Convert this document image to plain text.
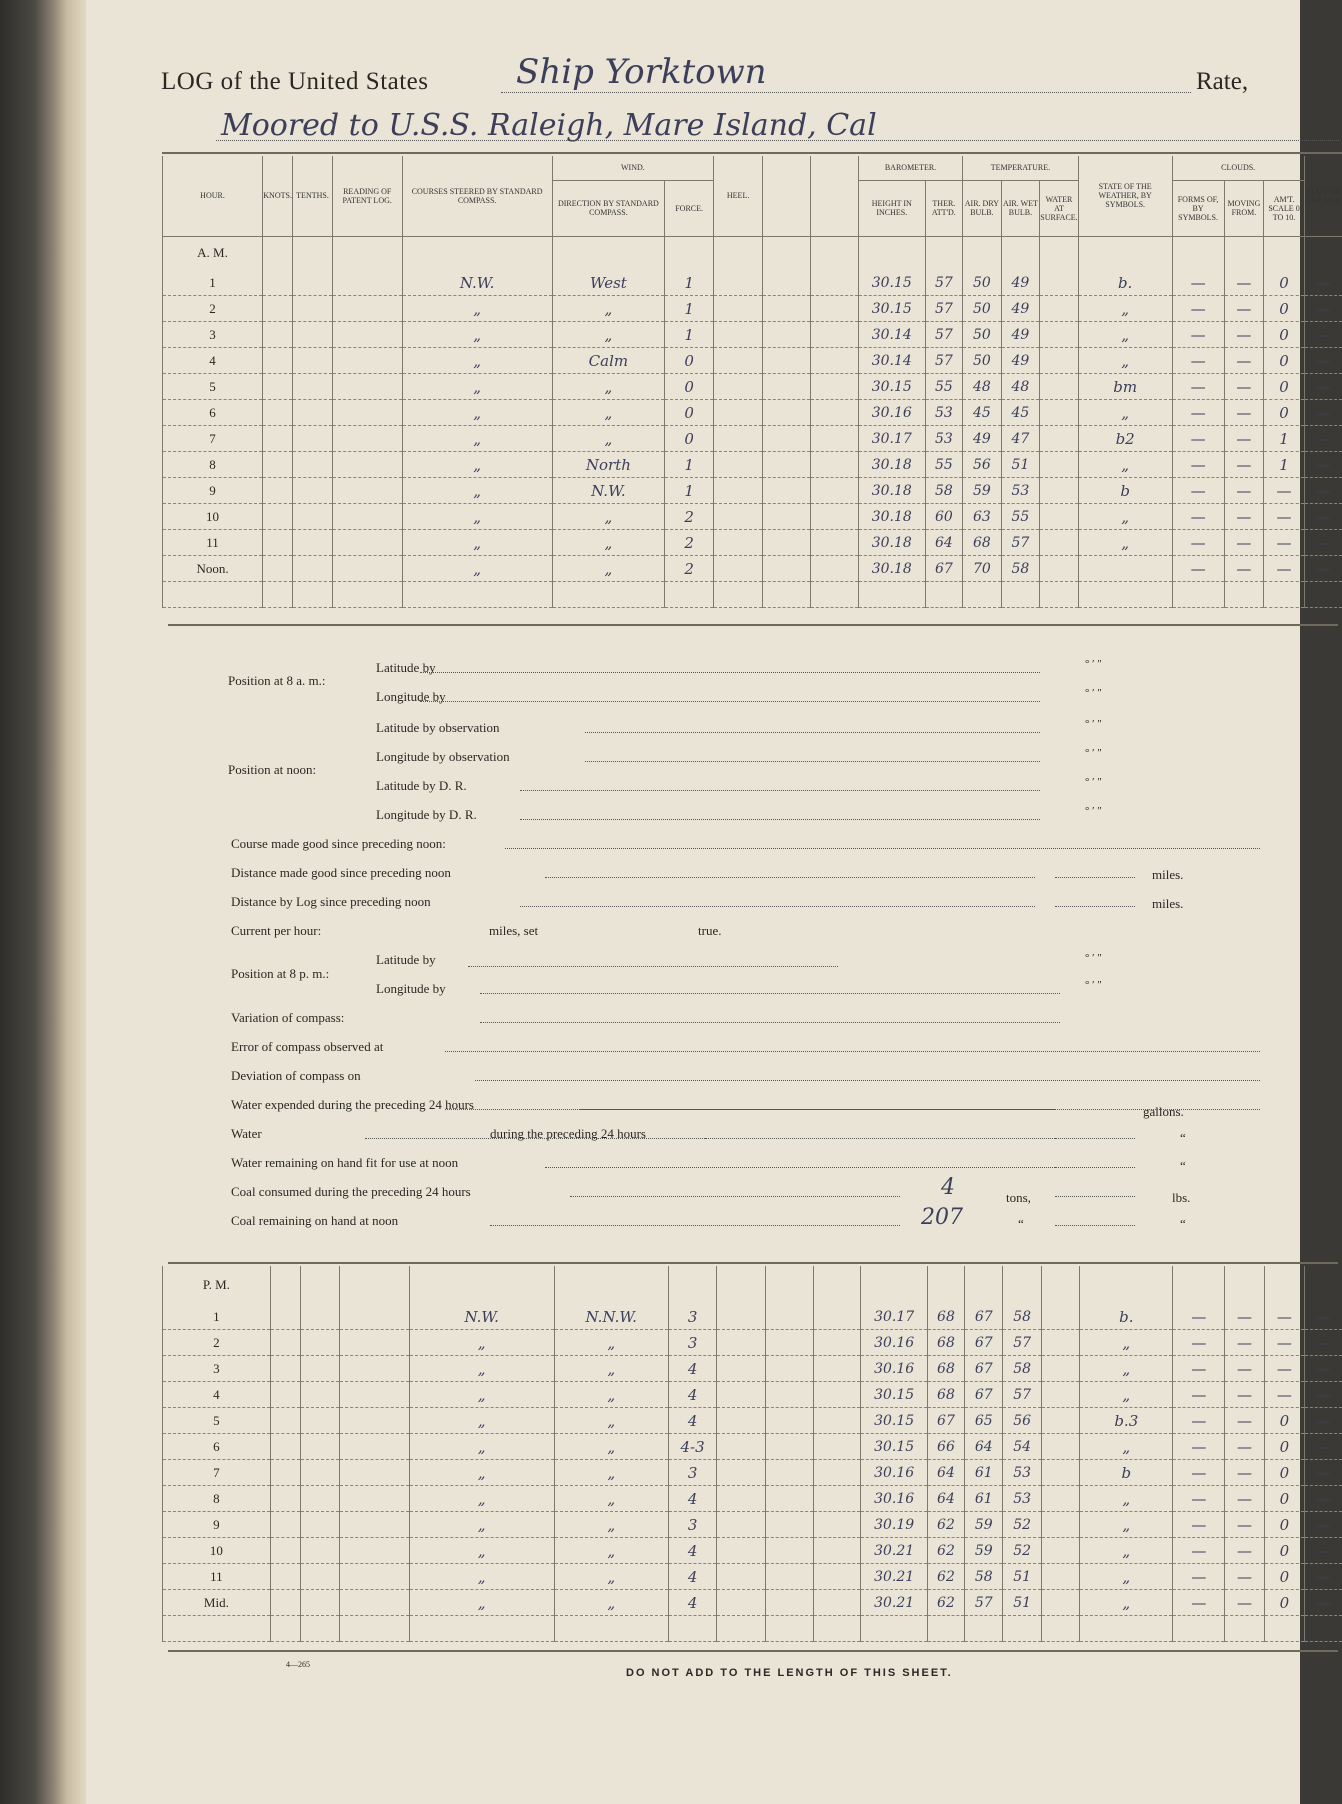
LOG of the United States	Ship Yorktown	Rate,
Moored to U.S.S. Raleigh, Mare Island, Cal
HOUR.	KNOTS.	TENTHS.	READING OF PATENT LOG.	COURSES STEERED BY STANDARD COMPASS.	WIND.		HEEL.			BAROMETER.		TEMPERATURE.			STATE OF THE WEATHER, BY SYMBOLS.	CLOUDS.			STATE OF THE SEA.
					DIRECTION BY STANDARD COMPASS.	FORCE.				HEIGHT IN INCHES.	THER. ATT'D.	AIR. DRY BULB.	AIR. WET BULB.	WATER AT SURFACE.		FORMS OF, BY SYMBOLS.	MOVING FROM.	AM'T. SCALE 0 TO 10.	
A. M.																			
1				N.W.	West	1				30.15	57	50	49		b.	—	—	0	—
2				„	„	1				30.15	57	50	49		„	—	—	0	—
3				„	„	1				30.14	57	50	49		„	—	—	0	—
4				„	Calm	0				30.14	57	50	49		„	—	—	0	—
5				„	„	0				30.15	55	48	48		bm	—	—	0	—
6				„	„	0				30.16	53	45	45		„	—	—	0	—
7				„	„	0				30.17	53	49	47		b2	—	—	1	—
8				„	North	1				30.18	55	56	51		„	—	—	1	—
9				„	N.W.	1				30.18	58	59	53		b	—	—	—	—
10				„	„	2				30.18	60	63	55		„	—	—	—	—
11				„	„	2				30.18	64	68	57		„	—	—	—	—
Noon.				„	„	2				30.18	67	70	58			—	—	—	—

Position at 8 a. m.:
Latitude by
Longitude by
Position at noon:
Latitude by observation
Longitude by observation
Latitude by D. R.
Longitude by D. R.
Course made good since preceding noon:
Distance made good since preceding noon	miles.
Distance by Log since preceding noon	miles.
Current per hour:	miles, set	true.
Position at 8 p. m.:
Latitude by
Longitude by
Variation of compass:
Error of compass observed at
Deviation of compass on
Water expended during the preceding 24 hours	gallons.
Water	during the preceding 24 hours	“
Water remaining on hand fit for use at noon	“
Coal consumed during the preceding 24 hours	4	tons,	lbs.
Coal remaining on hand at noon	207	“	“
° ′ ″
° ′ ″
° ′ ″
° ′ ″
° ′ ″
° ′ ″
° ′ ″
° ′ ″
P. M.																			
1				N.W.	N.N.W.	3				30.17	68	67	58		b.	—	—	—	—
2				„	„	3				30.16	68	67	57		„	—	—	—	—
3				„	„	4				30.16	68	67	58		„	—	—	—	—
4				„	„	4				30.15	68	67	57		„	—	—	—	—
5				„	„	4				30.15	67	65	56		b.3	—	—	0	—
6				„	„	4-3				30.15	66	64	54		„	—	—	0	—
7				„	„	3				30.16	64	61	53		b	—	—	0	—
8				„	„	4				30.16	64	61	53		„	—	—	0	—
9				„	„	3				30.19	62	59	52		„	—	—	0	—
10				„	„	4				30.21	62	59	52		„	—	—	0	—
11				„	„	4				30.21	62	58	51		„	—	—	0	—
Mid.				„	„	4				30.21	62	57	51		„	—	—	0	—

4—265
DO NOT ADD TO THE LENGTH OF THIS SHEET.
